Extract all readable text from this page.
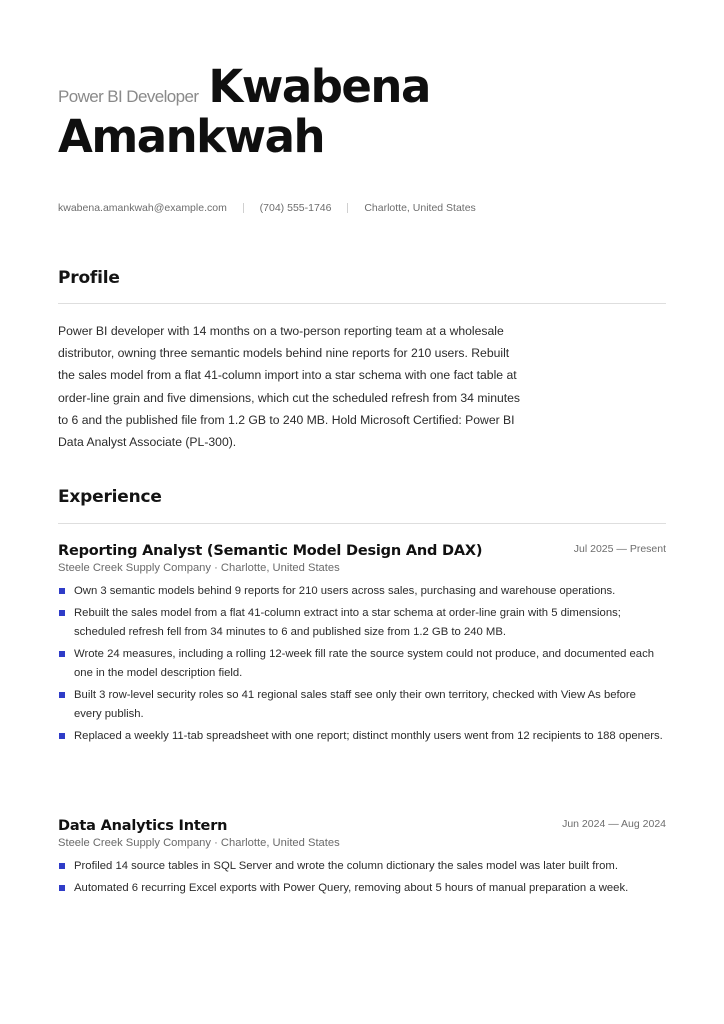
Power BI Developer Kwabena
Amankwah
kwabena.amankwah@example.com	(704) 555-1746	Charlotte, United States
Profile
Power BI developer with 14 months on a two-person reporting team at a wholesale distributor, owning three semantic models behind nine reports for 210 users. Rebuilt the sales model from a flat 41-column import into a star schema with one fact table at order-line grain and five dimensions, which cut the scheduled refresh from 34 minutes to 6 and the published file from 1.2 GB to 240 MB. Hold Microsoft Certified: Power BI Data Analyst Associate (PL-300).
Experience
Reporting Analyst (Semantic Model Design And DAX)	Jul 2025 — Present
Steele Creek Supply Company · Charlotte, United States
Own 3 semantic models behind 9 reports for 210 users across sales, purchasing and warehouse operations.
Rebuilt the sales model from a flat 41-column extract into a star schema at order-line grain with 5 dimensions; scheduled refresh fell from 34 minutes to 6 and published size from 1.2 GB to 240 MB.
Wrote 24 measures, including a rolling 12-week fill rate the source system could not produce, and documented each one in the model description field.
Built 3 row-level security roles so 41 regional sales staff see only their own territory, checked with View As before every publish.
Replaced a weekly 11-tab spreadsheet with one report; distinct monthly users went from 12 recipients to 188 openers.
Data Analytics Intern	Jun 2024 — Aug 2024
Steele Creek Supply Company · Charlotte, United States
Profiled 14 source tables in SQL Server and wrote the column dictionary the sales model was later built from.
Automated 6 recurring Excel exports with Power Query, removing about 5 hours of manual preparation a week.
